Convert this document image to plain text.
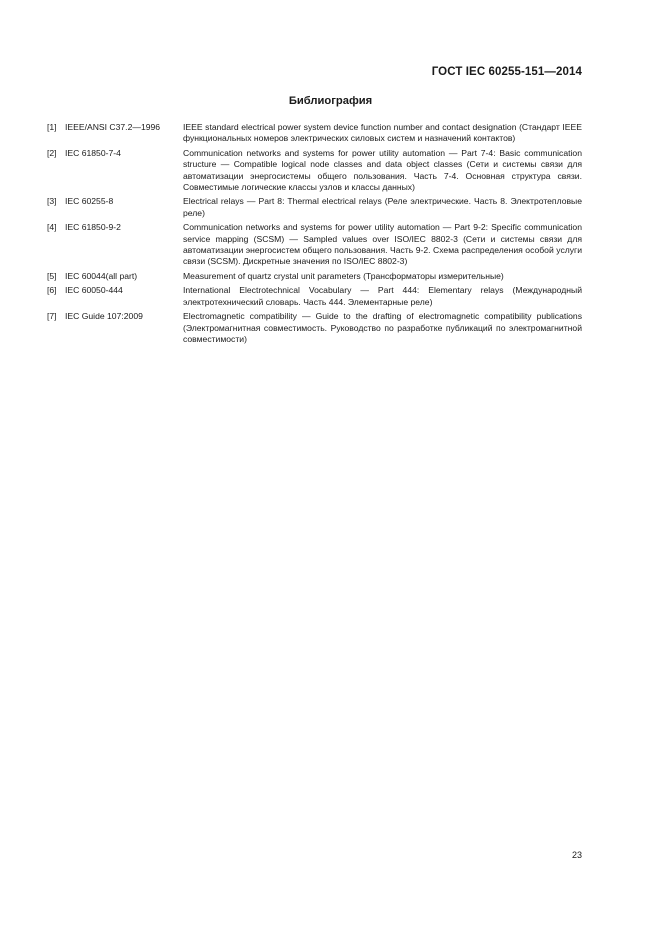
ГОСТ IEC 60255-151—2014
Библиография
[1] IEEE/ANSI C37.2—1996	IEEE standard electrical power system device function number and contact designation (Стандарт IEEE функциональных номеров электрических силовых систем и назначений контактов)
[2] IEC 61850-7-4	Communication networks and systems for power utility automation — Part 7-4: Basic communication structure — Compatible logical node classes and data object classes (Сети и системы связи для автоматизации энергосистемы общего пользования. Часть 7-4. Основная структура связи. Совместимые логические классы узлов и классы данных)
[3] IEC 60255-8	Electrical relays — Part 8: Thermal electrical relays (Реле электрические. Часть 8. Электротепловые реле)
[4] IEC 61850-9-2	Communication networks and systems for power utility automation — Part 9-2: Specific communication service mapping (SCSM) — Sampled values over ISO/IEC 8802-3 (Сети и системы связи для автоматизации энергосистем общего пользования. Часть 9-2. Схема распределения особой услуги связи (SCSM). Дискретные значения по ISO/IEC 8802-3)
[5] IEC 60044(all part)	Measurement of quartz crystal unit parameters (Трансформаторы измерительные)
[6] IEC 60050-444	International Electrotechnical Vocabulary — Part 444: Elementary relays (Международный электротехнический словарь. Часть 444. Элементарные реле)
[7] IEC Guide 107:2009	Electromagnetic compatibility — Guide to the drafting of electromagnetic compatibility publications (Электромагнитная совместимость. Руководство по разработке публикаций по электромагнитной совместимости)
23
